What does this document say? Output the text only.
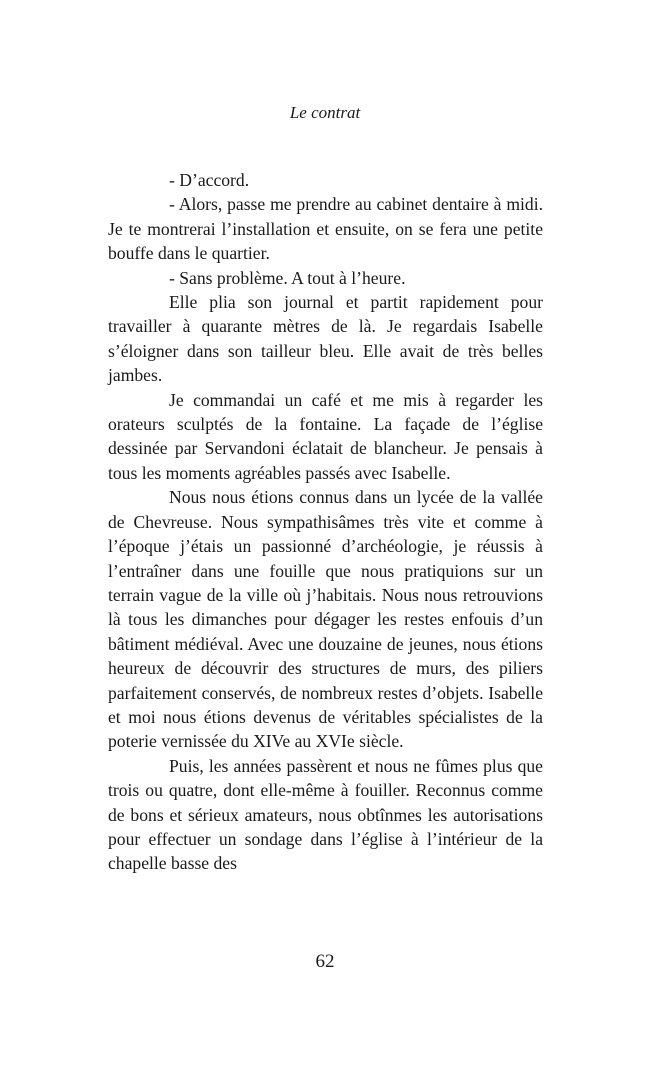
Le contrat

- D’accord.

- Alors, passe me prendre au cabinet dentaire à midi. Je te montrerai l’installation et ensuite, on se fera une petite bouffe dans le quartier.

- Sans problème. A tout à l’heure.

Elle plia son journal et partit rapidement pour travailler à quarante mètres de là. Je regardais Isabelle s’éloigner dans son tailleur bleu. Elle avait de très belles jambes.

Je commandai un café et me mis à regarder les orateurs sculptés de la fontaine. La façade de l’église dessinée par Servandoni éclatait de blancheur. Je pensais à tous les moments agréables passés avec Isabelle.

Nous nous étions connus dans un lycée de la vallée de Chevreuse. Nous sympathisâmes très vite et comme à l’époque j’étais un passionné d’archéologie, je réussis à l’entraîner dans une fouille que nous pratiquions sur un terrain vague de la ville où j’habitais. Nous nous retrouvions là tous les dimanches pour dégager les restes enfouis d’un bâtiment médiéval. Avec une douzaine de jeunes, nous étions heureux de découvrir des structures de murs, des piliers parfaitement conservés, de nombreux restes d’objets. Isabelle et moi nous étions devenus de véritables spécialistes de la poterie vernissée du XIVe au XVIe siècle.

Puis, les années passèrent et nous ne fûmes plus que trois ou quatre, dont elle-même à fouiller. Reconnus comme de bons et sérieux amateurs, nous obtînmes les autorisations pour effectuer un sondage dans l’église à l’intérieur de la chapelle basse des

62
